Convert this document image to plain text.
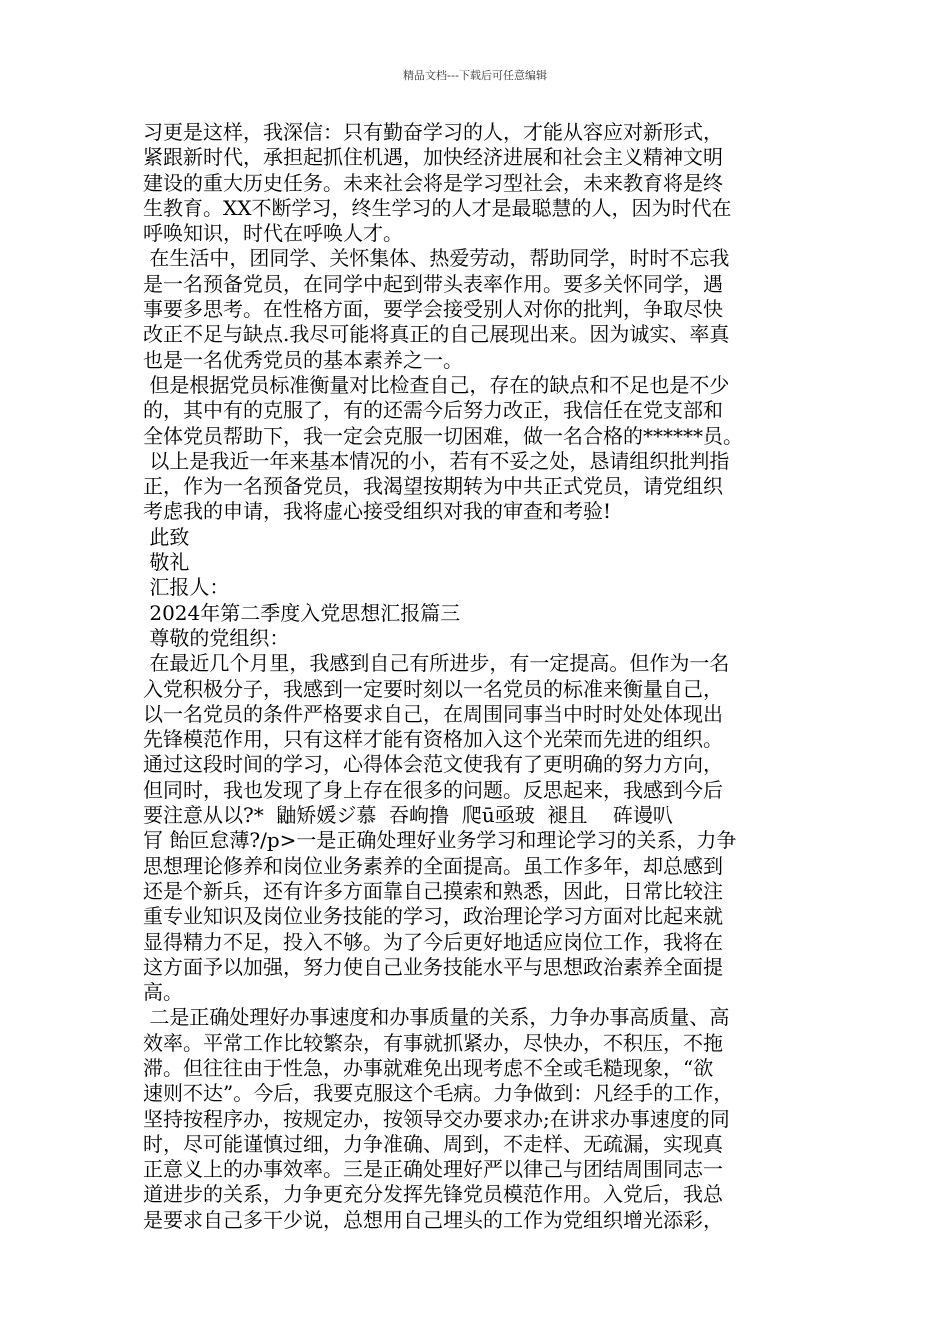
精品文档---下载后可任意编辑
习更是这样，我深信：只有勤奋学习的人，才能从容应对新形式，
紧跟新时代，承担起抓住机遇，加快经济进展和社会主义精神文明
建设的重大历史任务。未来社会将是学习型社会，未来教育将是终
生教育。XX不断学习，终生学习的人才是最聪慧的人，因为时代在
呼唤知识，时代在呼唤人才。
在生活中，团同学、关怀集体、热爱劳动，帮助同学，时时不忘我
是一名预备党员，在同学中起到带头表率作用。要多关怀同学，遇
事要多思考。在性格方面，要学会接受别人对你的批判，争取尽快
改正不足与缺点.我尽可能将真正的自己展现出来。因为诚实、率真
也是一名优秀党员的基本素养之一。
但是根据党员标准衡量对比检查自己，存在的缺点和不足也是不少
的，其中有的克服了，有的还需今后努力改正，我信任在党支部和
全体党员帮助下，我一定会克服一切困难，做一名合格的******员。
以上是我近一年来基本情况的小，若有不妥之处，恳请组织批判指
正，作为一名预备党员，我渴望按期转为中共正式党员，请党组织
考虑我的申请，我将虚心接受组织对我的审查和考验!
此致
敬礼
汇报人：
2024年第二季度入党思想汇报篇三
尊敬的党组织：
在最近几个月里，我感到自己有所进步，有一定提高。但作为一名
入党积极分子，我感到一定要时刻以一名党员的标准来衡量自己，
以一名党员的条件严格要求自己，在周围同事当中时时处处体现出
先锋模范作用，只有这样才能有资格加入这个光荣而先进的组织。
通过这段时间的学习，心得体会范文使我有了更明确的努力方向，
但同时，我也发现了身上存在很多的问题。反思起来，我感到今后
要注意从以?*  鼬矫媛ジ慕  吞岣撸  爬ū亟玻  褪且    砗谩叭
肎 飴叵怠薄?/p>一是正确处理好业务学习和理论学习的关系，力争
思想理论修养和岗位业务素养的全面提高。虽工作多年，却总感到
还是个新兵，还有许多方面靠自己摸索和熟悉，因此，日常比较注
重专业知识及岗位业务技能的学习，政治理论学习方面对比起来就
显得精力不足，投入不够。为了今后更好地适应岗位工作，我将在
这方面予以加强，努力使自己业务技能水平与思想政治素养全面提
高。
二是正确处理好办事速度和办事质量的关系，力争办事高质量、高
效率。平常工作比较繁杂，有事就抓紧办，尽快办，不积压，不拖
滞。但往往由于性急，办事就难免出现考虑不全或毛糙现象，“欲
速则不达”。今后，我要克服这个毛病。力争做到：凡经手的工作，
坚持按程序办，按规定办，按领导交办要求办;在讲求办事速度的同
时，尽可能谨慎过细，力争准确、周到，不走样、无疏漏，实现真
正意义上的办事效率。三是正确处理好严以律己与团结周围同志一
道进步的关系，力争更充分发挥先锋党员模范作用。入党后，我总
是要求自己多干少说，总想用自己埋头的工作为党组织增光添彩，
